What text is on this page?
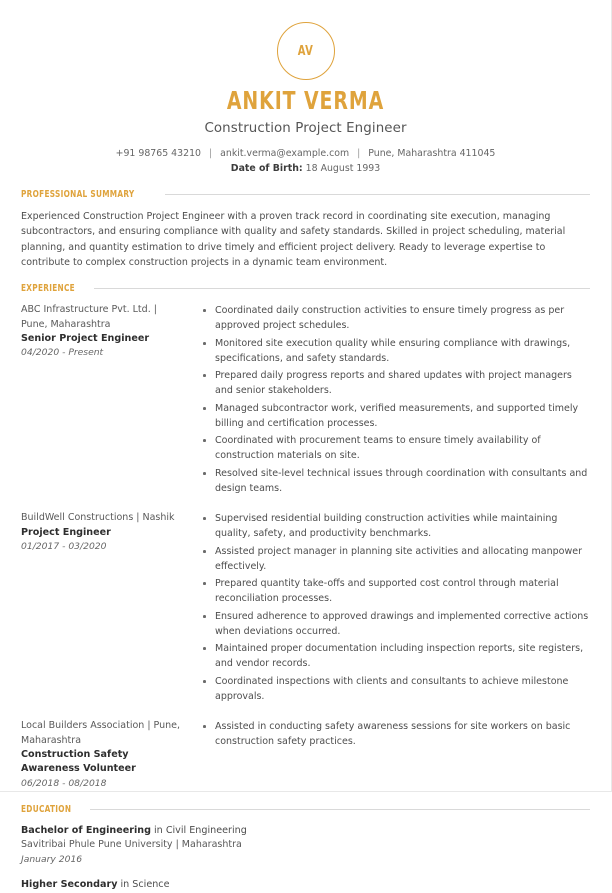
AV
ANKIT VERMA
Construction Project Engineer
+91 98765 43210 | ankit.verma@example.com | Pune, Maharashtra 411045
Date of Birth: 18 August 1993
PROFESSIONAL SUMMARY

Experienced Construction Project Engineer with a proven track record in coordinating site execution, managing subcontractors, and ensuring compliance with quality and safety standards. Skilled in project scheduling, material planning, and quantity estimation to drive timely and efficient project delivery. Ready to leverage expertise to contribute to complex construction projects in a dynamic team environment.

EXPERIENCE
ABC Infrastructure Pvt. Ltd. | Pune, Maharashtra
Senior Project Engineer
04/2020 - Present
Coordinated daily construction activities to ensure timely progress as per approved project schedules.
Monitored site execution quality while ensuring compliance with drawings, specifications, and safety standards.
Prepared daily progress reports and shared updates with project managers and senior stakeholders.
Managed subcontractor work, verified measurements, and supported timely billing and certification processes.
Coordinated with procurement teams to ensure timely availability of construction materials on site.
Resolved site-level technical issues through coordination with consultants and design teams.
BuildWell Constructions | Nashik
Project Engineer
01/2017 - 03/2020
Supervised residential building construction activities while maintaining quality, safety, and productivity benchmarks.
Assisted project manager in planning site activities and allocating manpower effectively.
Prepared quantity take-offs and supported cost control through material reconciliation processes.
Ensured adherence to approved drawings and implemented corrective actions when deviations occurred.
Maintained proper documentation including inspection reports, site registers, and vendor records.
Coordinated inspections with clients and consultants to achieve milestone approvals.
Local Builders Association | Pune, Maharashtra
Construction Safety Awareness Volunteer
06/2018 - 08/2018
Assisted in conducting safety awareness sessions for site workers on basic construction safety practices.
EDUCATION
Bachelor of Engineering in Civil Engineering
Savitribai Phule Pune University | Maharashtra
January 2016
Higher Secondary in Science
